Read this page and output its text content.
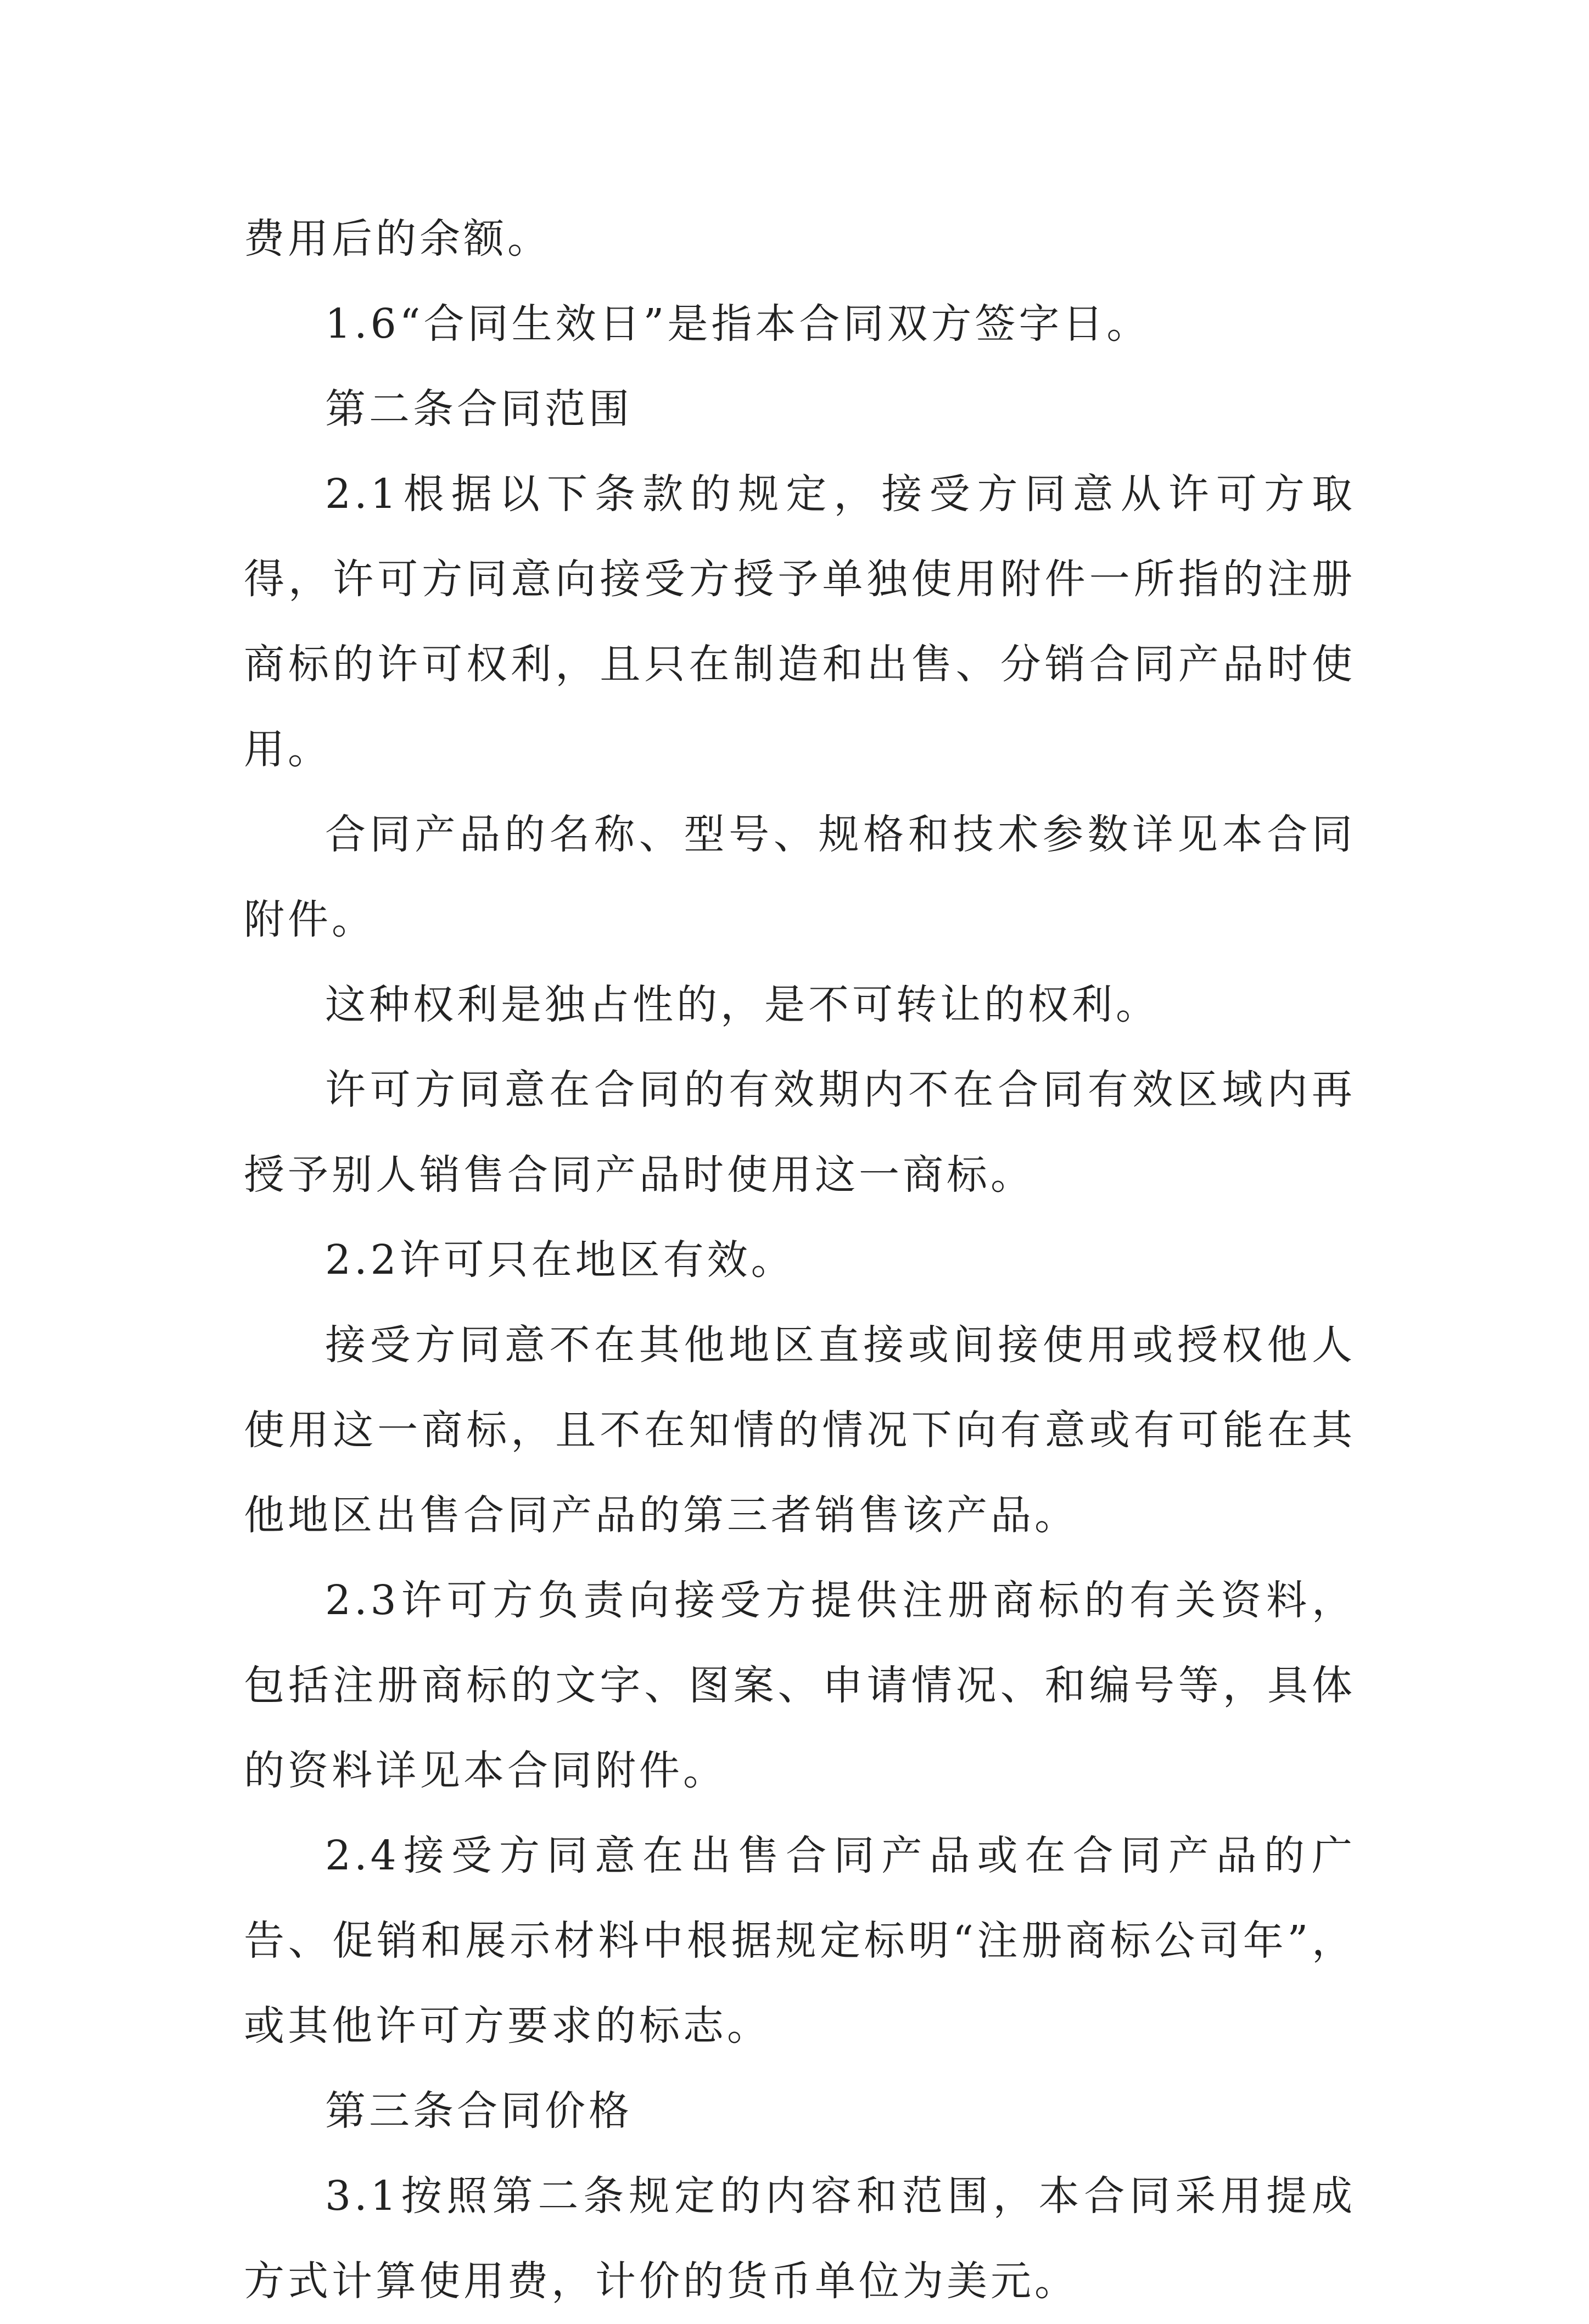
费用后的余额。

1.6“合同生效日”是指本合同双方签字日。

第二条合同范围

2.1根据以下条款的规定，接受方同意从许可方取得，许可方同意向接受方授予单独使用附件一所指的注册商标的许可权利，且只在制造和出售、分销合同产品时使用。

合同产品的名称、型号、规格和技术参数详见本合同附件。

这种权利是独占性的，是不可转让的权利。

许可方同意在合同的有效期内不在合同有效区域内再授予别人销售合同产品时使用这一商标。

2.2许可只在地区有效。

接受方同意不在其他地区直接或间接使用或授权他人使用这一商标，且不在知情的情况下向有意或有可能在其他地区出售合同产品的第三者销售该产品。

2.3许可方负责向接受方提供注册商标的有关资料，包括注册商标的文字、图案、申请情况、和编号等，具体的资料详见本合同附件。

2.4接受方同意在出售合同产品或在合同产品的广告、促销和展示材料中根据规定标明“注册商标公司年”，或其他许可方要求的标志。

第三条合同价格

3.1按照第二条规定的内容和范围，本合同采用提成方式计算使用费，计价的货币单位为美元。
